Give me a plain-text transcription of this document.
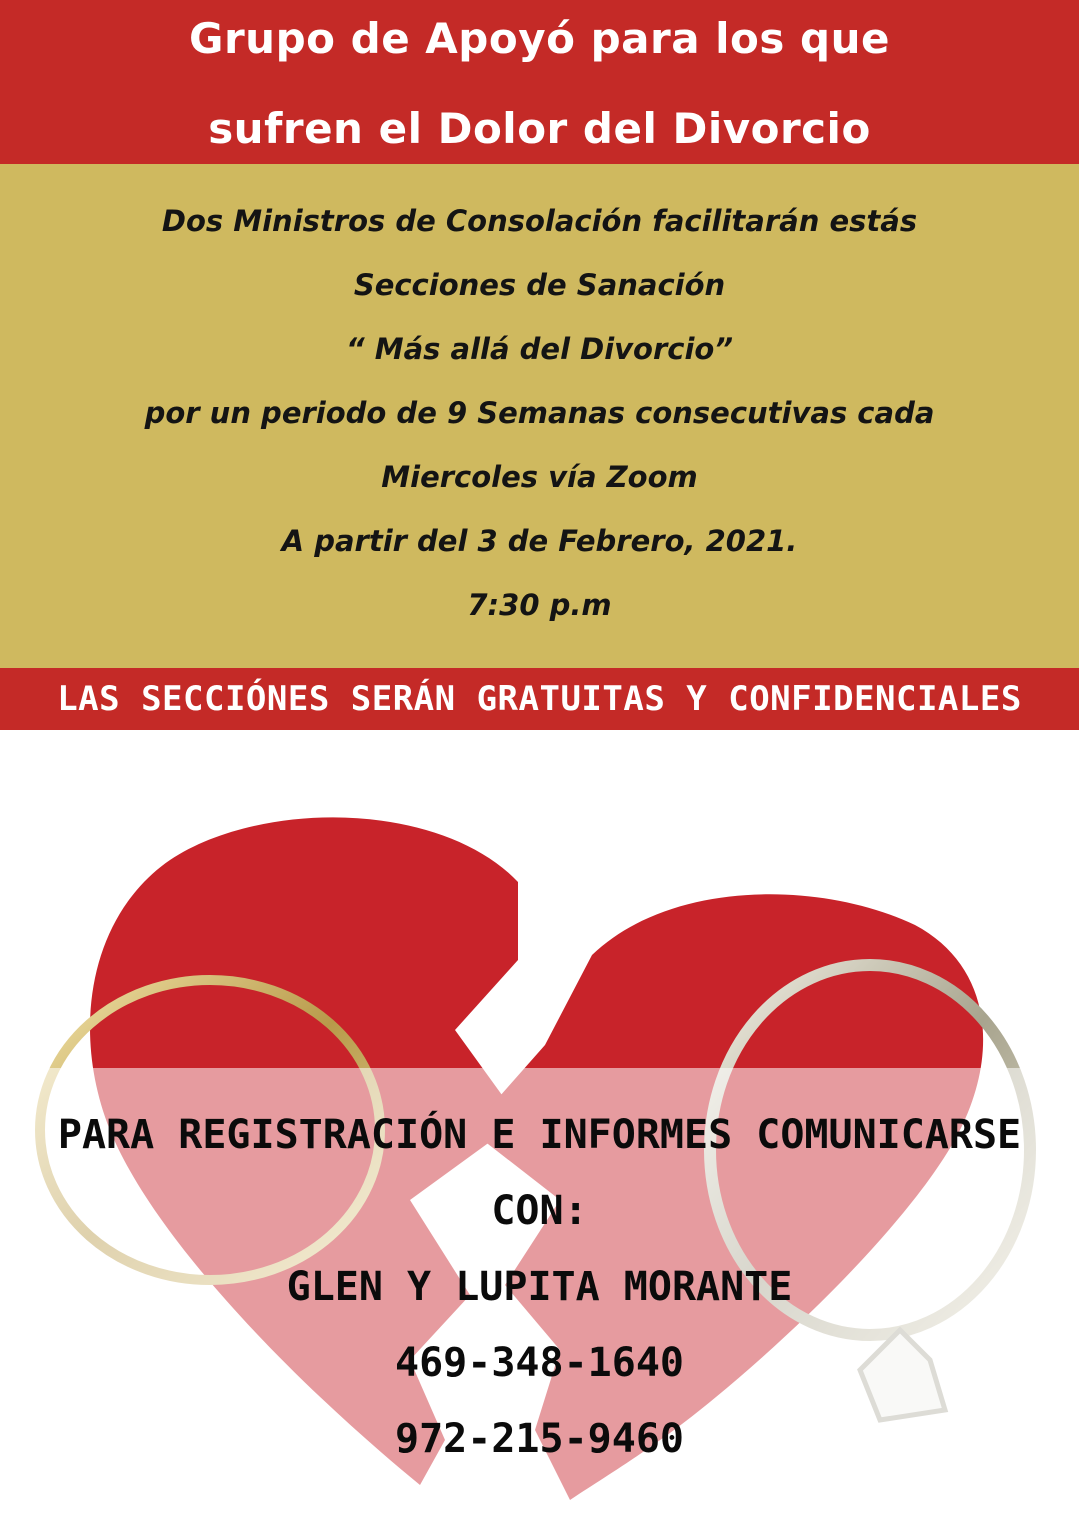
Grupo de Apoyó para los que
sufren el Dolor del Divorcio
Dos Ministros de Consolación facilitarán estás
Secciones de Sanación
“ Más allá del Divorcio”
por un periodo de 9 Semanas consecutivas cada
Miercoles vía Zoom
A partir del 3 de Febrero, 2021.
7:30 p.m
LAS SECCIÓNES SERÁN GRATUITAS Y CONFIDENCIALES
PARA REGISTRACIÓN E INFORMES COMUNICARSE
CON:
GLEN Y LUPITA MORANTE
469-348-1640
972-215-9460
